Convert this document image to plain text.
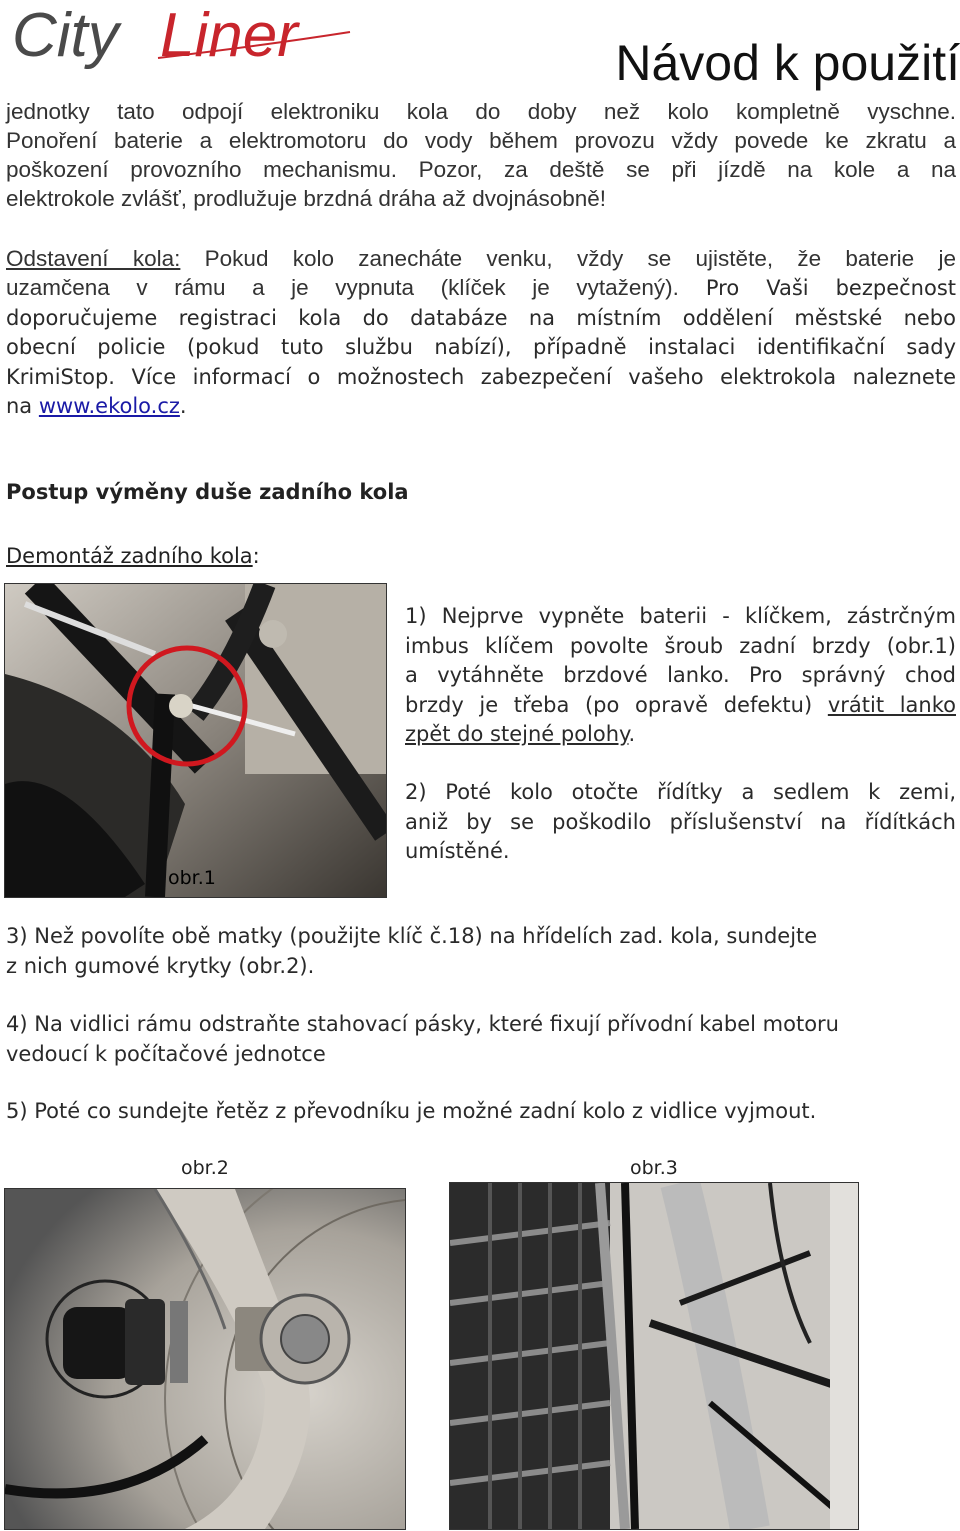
City Liner	Návod k použití
jednotky tato odpojí elektroniku kola do doby než kolo kompletně vyschne.
Ponoření baterie a elektromotoru do vody během provozu vždy povede ke zkratu a
poškození provozního mechanismu. Pozor, za deště se při jízdě na kole a na
elektrokole zvlášť, prodlužuje brzdná dráha až dvojnásobně!
Odstavení kola: Pokud kolo zanecháte venku, vždy se ujistěte, že baterie je
uzamčena v rámu a je vypnuta (klíček je vytažený). Pro Vaši bezpečnost
doporučujeme registraci kola do databáze na místním oddělení městské nebo
obecní policie (pokud tuto službu nabízí), případně instalaci identifikační sady
KrimiStop. Více informací o možnostech zabezpečení vašeho elektrokola naleznete
na www.ekolo.cz.
Postup výměny duše zadního kola
Demontáž zadního kola:
obr.1
1) Nejprve vypněte baterii - klíčkem, zástrčným
imbus klíčem povolte šroub zadní brzdy (obr.1)
a vytáhněte brzdové lanko. Pro správný chod
brzdy je třeba (po opravě defektu) vrátit lanko
zpět do stejné polohy.
2) Poté kolo otočte řídítky a sedlem k zemi,
aniž by se poškodilo příslušenství na řídítkách
umístěné.
3) Než povolíte obě matky (použijte klíč č.18) na hřídelích zad. kola, sundejte
z nich gumové krytky (obr.2).
4) Na vidlici rámu odstraňte stahovací pásky, které fixují přívodní kabel motoru
vedoucí k počítačové jednotce
5) Poté co sundejte řetěz z převodníku je možné zadní kolo z vidlice vyjmout.
obr.2	obr.3
